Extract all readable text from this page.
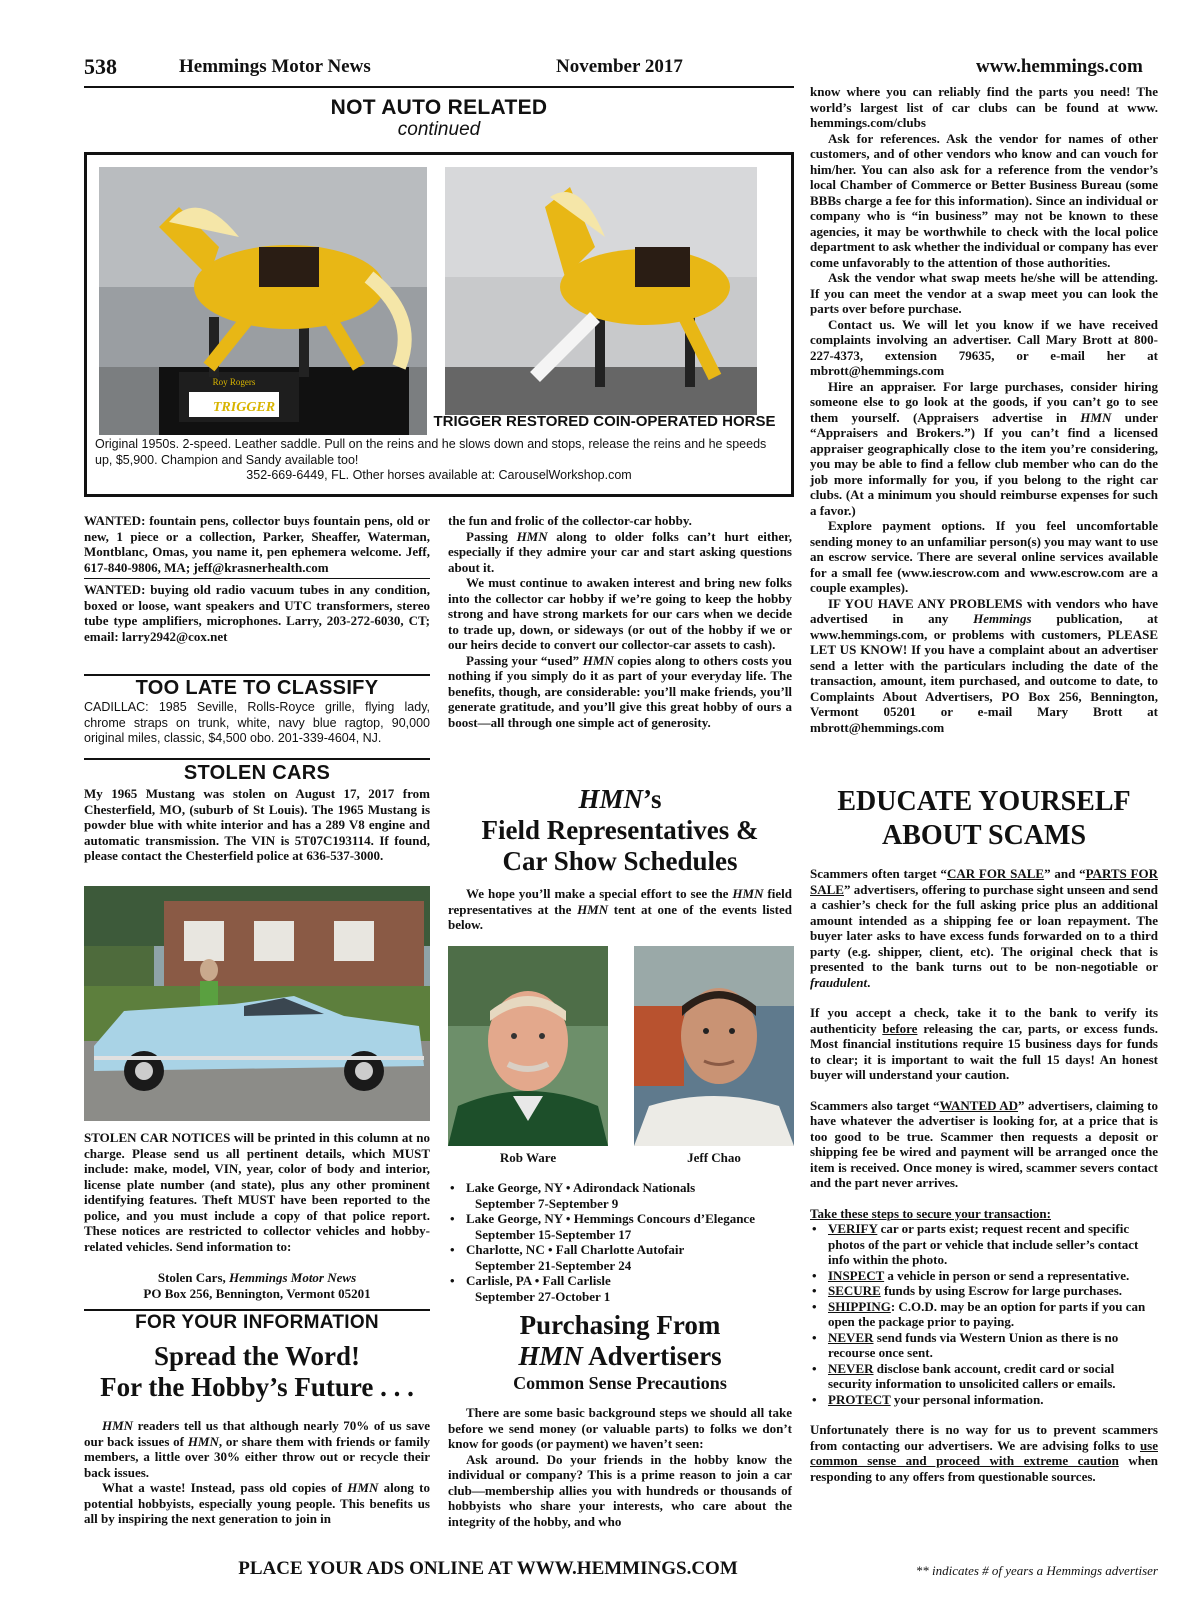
538	Hemmings Motor News	November 2017	www.hemmings.com
NOT AUTO RELATED
continued
Roy Rogers
TRIGGER
TRIGGER RESTORED COIN-OPERATED HORSE
Original 1950s. 2-speed. Leather saddle. Pull on the reins and he slows down and stops, release the reins and he speeds up, $5,900. Champion and Sandy available too!
352-669-6449, FL. Other horses available at: CarouselWorkshop.com

WANTED: fountain pens, collector buys fountain pens, old or new, 1 piece or a collection, Parker, Sheaffer, Waterman, Montblanc, Omas, you name it, pen ephemera welcome. Jeff, 617-840-9806, MA; jeff@krasnerhealth.com

WANTED: buying old radio vacuum tubes in any condition, boxed or loose, want speakers and UTC transformers, stereo tube type amplifiers, microphones. Larry, 203-272-6030, CT; email: larry2942@cox.net

TOO LATE TO CLASSIFY

CADILLAC: 1985 Seville, Rolls-Royce grille, flying lady, chrome straps on trunk, white, navy blue ragtop, 90,000 original miles, classic, $4,500 obo. 201-339-4604, NJ.

STOLEN CARS

My 1965 Mustang was stolen on August 17, 2017 from Chesterfield, MO, (suburb of St Louis). The 1965 Mustang is powder blue with white interior and has a 289 V8 engine and automatic transmission. The VIN is 5T07C193114. If found, please contact the Chesterfield police at 636-537-3000.

STOLEN CAR NOTICES will be printed in this column at no charge. Please send us all pertinent details, which MUST include: make, model, VIN, year, color of body and interior, license plate number (and state), plus any other prominent identifying features. Theft MUST have been reported to the police, and you must include a copy of that police report. These notices are restricted to collector vehicles and hobby-related vehicles. Send information to:

Stolen Cars, Hemmings Motor News
PO Box 256, Bennington, Vermont 05201
FOR YOUR INFORMATION
Spread the Word!
For the Hobby’s Future . . .

HMN readers tell us that although nearly 70% of us save our back issues of HMN, or share them with friends or family members, a little over 30% either throw out or recycle their back issues.

What a waste! Instead, pass old copies of HMN along to potential hobbyists, especially young people. This benefits us all by inspiring the next generation to join in

the fun and frolic of the collector-car hobby.

Passing HMN along to older folks can’t hurt either, especially if they admire your car and start asking questions about it.

We must continue to awaken interest and bring new folks into the collector car hobby if we’re going to keep the hobby strong and have strong markets for our cars when we decide to trade up, down, or sideways (or out of the hobby if we or our heirs decide to convert our collector-car assets to cash).

Passing your “used” HMN copies along to others costs you nothing if you simply do it as part of your everyday life. The benefits, though, are considerable: you’ll make friends, you’ll generate gratitude, and you’ll give this great hobby of ours a boost—all through one simple act of generosity.

HMN’s
Field Representatives &
Car Show Schedules

We hope you’ll make a special effort to see the HMN field representatives at the HMN tent at one of the events listed below.

Rob Ware	Jeff Chao
• Lake George, NY • Adirondack Nationals
September 7-September 9
• Lake George, NY • Hemmings Concours d’Elegance
September 15-September 17
• Charlotte, NC • Fall Charlotte Autofair
September 21-September 24
• Carlisle, PA • Fall Carlisle
September 27-October 1
Purchasing From
HMN Advertisers
Common Sense Precautions

There are some basic background steps we should all take before we send money (or valuable parts) to folks we don’t know for goods (or payment) we haven’t seen:

Ask around. Do your friends in the hobby know the individual or company? This is a prime reason to join a car club—membership allies you with hundreds or thousands of hobbyists who share your interests, who care about the integrity of the hobby, and who

know where you can reliably find the parts you need! The world’s largest list of car clubs can be found at www. hemmings.com/clubs

Ask for references. Ask the vendor for names of other customers, and of other vendors who know and can vouch for him/her. You can also ask for a reference from the vendor’s local Chamber of Commerce or Better Business Bureau (some BBBs charge a fee for this information). Since an individual or company who is “in business” may not be known to these agencies, it may be worthwhile to check with the local police department to ask whether the individual or company has ever come unfavorably to the attention of those authorities.

Ask the vendor what swap meets he/she will be attending. If you can meet the vendor at a swap meet you can look the parts over before purchase.

Contact us. We will let you know if we have received complaints involving an advertiser. Call Mary Brott at 800-227-4373, extension 79635, or e-mail her at mbrott@hemmings.com

Hire an appraiser. For large purchases, consider hiring someone else to go look at the goods, if you can’t go to see them yourself. (Appraisers advertise in HMN under “Appraisers and Brokers.”) If you can’t find a licensed appraiser geographically close to the item you’re considering, you may be able to find a fellow club member who can do the job more informally for you, if you belong to the right car clubs. (At a minimum you should reimburse expenses for such a favor.)

Explore payment options. If you feel uncomfortable sending money to an unfamiliar person(s) you may want to use an escrow service. There are several online services available for a small fee (www.iescrow.com and www.escrow.com are a couple examples).

IF YOU HAVE ANY PROBLEMS with vendors who have advertised in any Hemmings publication, at www.hemmings.com, or problems with customers, PLEASE LET US KNOW! If you have a complaint about an advertiser send a letter with the particulars including the date of the transaction, amount, item purchased, and outcome to date, to Complaints About Advertisers, PO Box 256, Bennington, Vermont 05201 or e-mail Mary Brott at mbrott@hemmings.com

EDUCATE YOURSELF
ABOUT SCAMS

Scammers often target “CAR FOR SALE” and “PARTS FOR SALE” advertisers, offering to purchase sight unseen and send a cashier’s check for the full asking price plus an additional amount intended as a shipping fee or loan repayment. The buyer later asks to have excess funds forwarded on to a third party (e.g. shipper, client, etc). The original check that is presented to the bank turns out to be non-negotiable or fraudulent.

If you accept a check, take it to the bank to verify its authenticity before releasing the car, parts, or excess funds. Most financial institutions require 15 business days for funds to clear; it is important to wait the full 15 days! An honest buyer will understand your caution.

Scammers also target “WANTED AD” advertisers, claiming to have whatever the advertiser is looking for, at a price that is too good to be true. Scammer then requests a deposit or shipping fee be wired and payment will be arranged once the item is received. Once money is wired, scammer severs contact and the part never arrives.

Take these steps to secure your transaction:

• VERIFY car or parts exist; request recent and specific photos of the part or vehicle that include seller’s contact info within the photo.
• INSPECT a vehicle in person or send a representative.
• SECURE funds by using Escrow for large purchases.
• SHIPPING: C.O.D. may be an option for parts if you can open the package prior to paying.
• NEVER send funds via Western Union as there is no recourse once sent.
• NEVER disclose bank account, credit card or social security information to unsolicited callers or emails.
• PROTECT your personal information.

Unfortunately there is no way for us to prevent scammers from contacting our advertisers. We are advising folks to use common sense and proceed with extreme caution when responding to any offers from questionable sources.

PLACE YOUR ADS ONLINE AT WWW.HEMMINGS.COM	** indicates # of years a Hemmings advertiser
